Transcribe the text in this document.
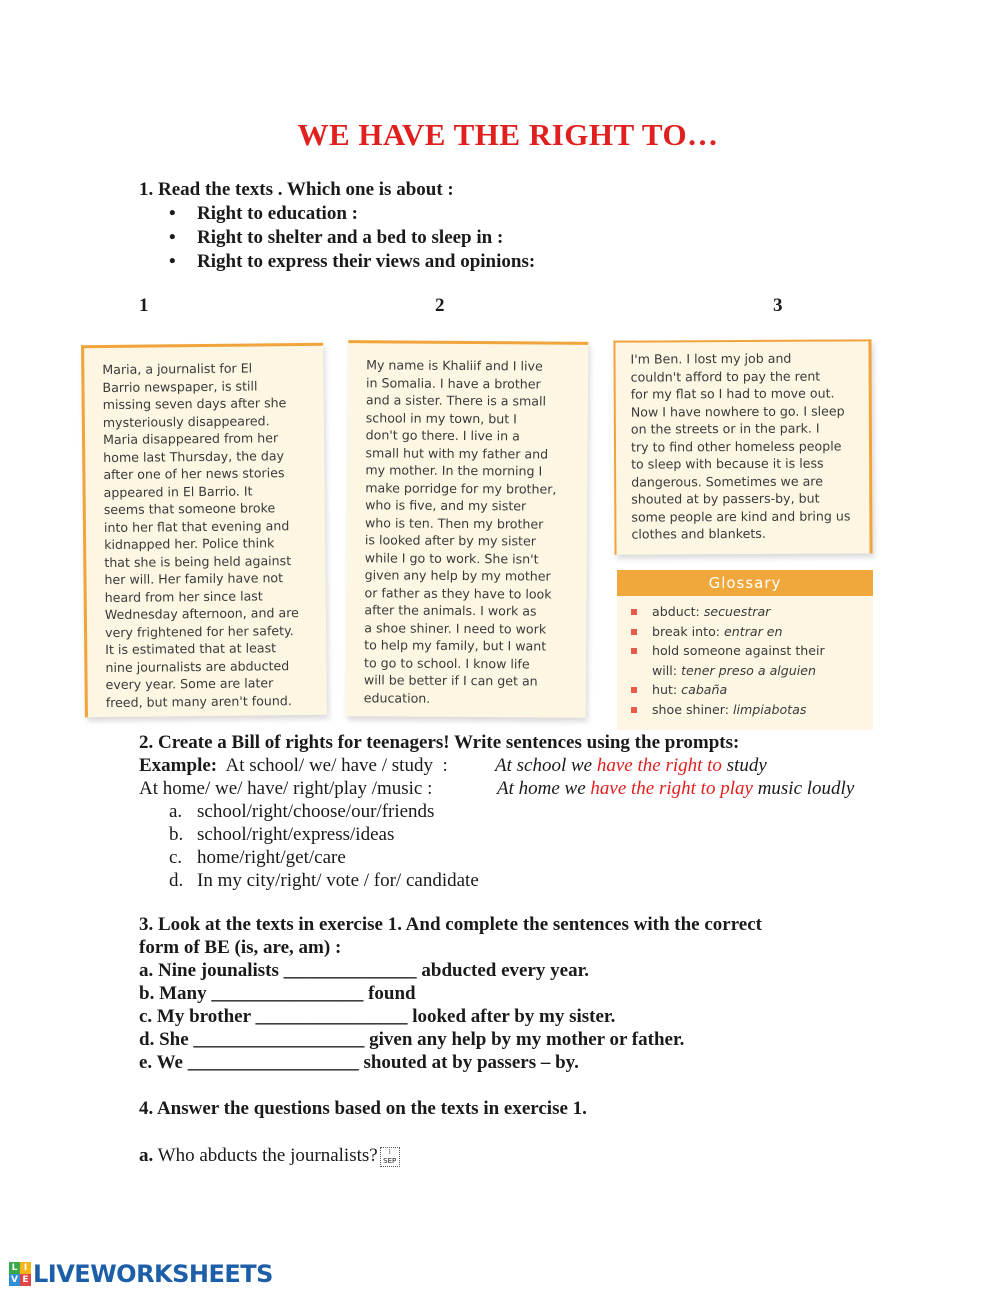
WE HAVE THE RIGHT TO…
1. Read the texts . Which one is about :
• Right to education :
• Right to shelter and a bed to sleep in :
• Right to express their views and opinions:
1	2	3
Maria, a journalist for El
Barrio newspaper, is still
missing seven days after she
mysteriously disappeared.
Maria disappeared from her
home last Thursday, the day
after one of her news stories
appeared in El Barrio. It
seems that someone broke
into her flat that evening and
kidnapped her. Police think
that she is being held against
her will. Her family have not
heard from her since last
Wednesday afternoon, and are
very frightened for her safety.
It is estimated that at least
nine journalists are abducted
every year. Some are later
freed, but many aren't found.
My name is Khaliif and I live
in Somalia. I have a brother
and a sister. There is a small
school in my town, but I
don't go there. I live in a
small hut with my father and
my mother. In the morning I
make porridge for my brother,
who is five, and my sister
who is ten. Then my brother
is looked after by my sister
while I go to work. She isn't
given any help by my mother
or father as they have to look
after the animals. I work as
a shoe shiner. I need to work
to help my family, but I want
to go to school. I know life
will be better if I can get an
education.
I'm Ben. I lost my job and
couldn't afford to pay the rent
for my flat so I had to move out.
Now I have nowhere to go. I sleep
on the streets or in the park. I
try to find other homeless people
to sleep with because it is less
dangerous. Sometimes we are
shouted at by passers-by, but
some people are kind and bring us
clothes and blankets.
Glossary
abduct: secuestrar
break into: entrar en
hold someone against their
will: tener preso a alguien
hut: cabaña
shoe shiner: limpiabotas
2. Create a Bill of rights for teenagers! Write sentences using the prompts:
Example:  At school/ we/ have / study  : At school we have the right to study
At home/ we/ have/ right/play /music :	At home we have the right to play music loudly
a. school/right/choose/our/friends
b. school/right/express/ideas
c. home/right/get/care
d. In my city/right/ vote / for/ candidate
3. Look at the texts in exercise 1. And complete the sentences with the correct
form of BE (is, are, am) :
a. Nine jounalists ______________ abducted every year.
b. Many ________________ found
c. My brother ________________ looked after by my sister.
d. She __________________ given any help by my mother or father.
e. We __________________ shouted at by passers – by.
4. Answer the questions based on the texts in exercise 1.
a. Who abducts the journalists? ⁞
SEP
L I
V E LIVEWORKSHEETS
